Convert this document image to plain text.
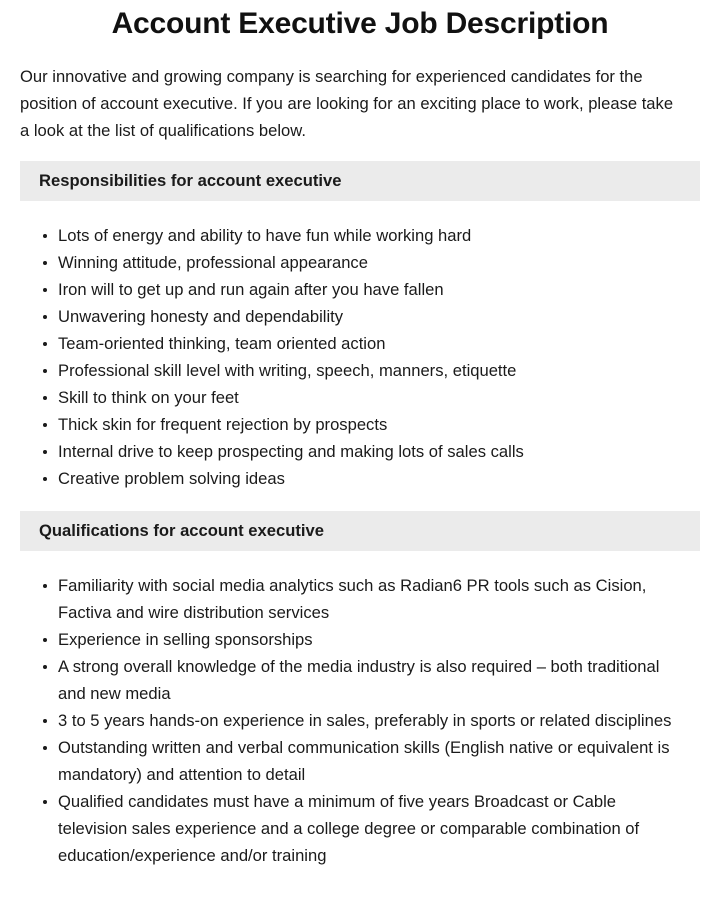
Account Executive Job Description

Our innovative and growing company is searching for experienced candidates for the position of account executive. If you are looking for an exciting place to work, please take a look at the list of qualifications below.

Responsibilities for account executive
Lots of energy and ability to have fun while working hard
Winning attitude, professional appearance
Iron will to get up and run again after you have fallen
Unwavering honesty and dependability
Team-oriented thinking, team oriented action
Professional skill level with writing, speech, manners, etiquette
Skill to think on your feet
Thick skin for frequent rejection by prospects
Internal drive to keep prospecting and making lots of sales calls
Creative problem solving ideas
Qualifications for account executive
Familiarity with social media analytics such as Radian6 PR tools such as Cision, Factiva and wire distribution services
Experience in selling sponsorships
A strong overall knowledge of the media industry is also required – both traditional and new media
3 to 5 years hands-on experience in sales, preferably in sports or related disciplines
Outstanding written and verbal communication skills (English native or equivalent is mandatory) and attention to detail
Qualified candidates must have a minimum of five years Broadcast or Cable television sales experience and a college degree or comparable combination of education/experience and/or training
